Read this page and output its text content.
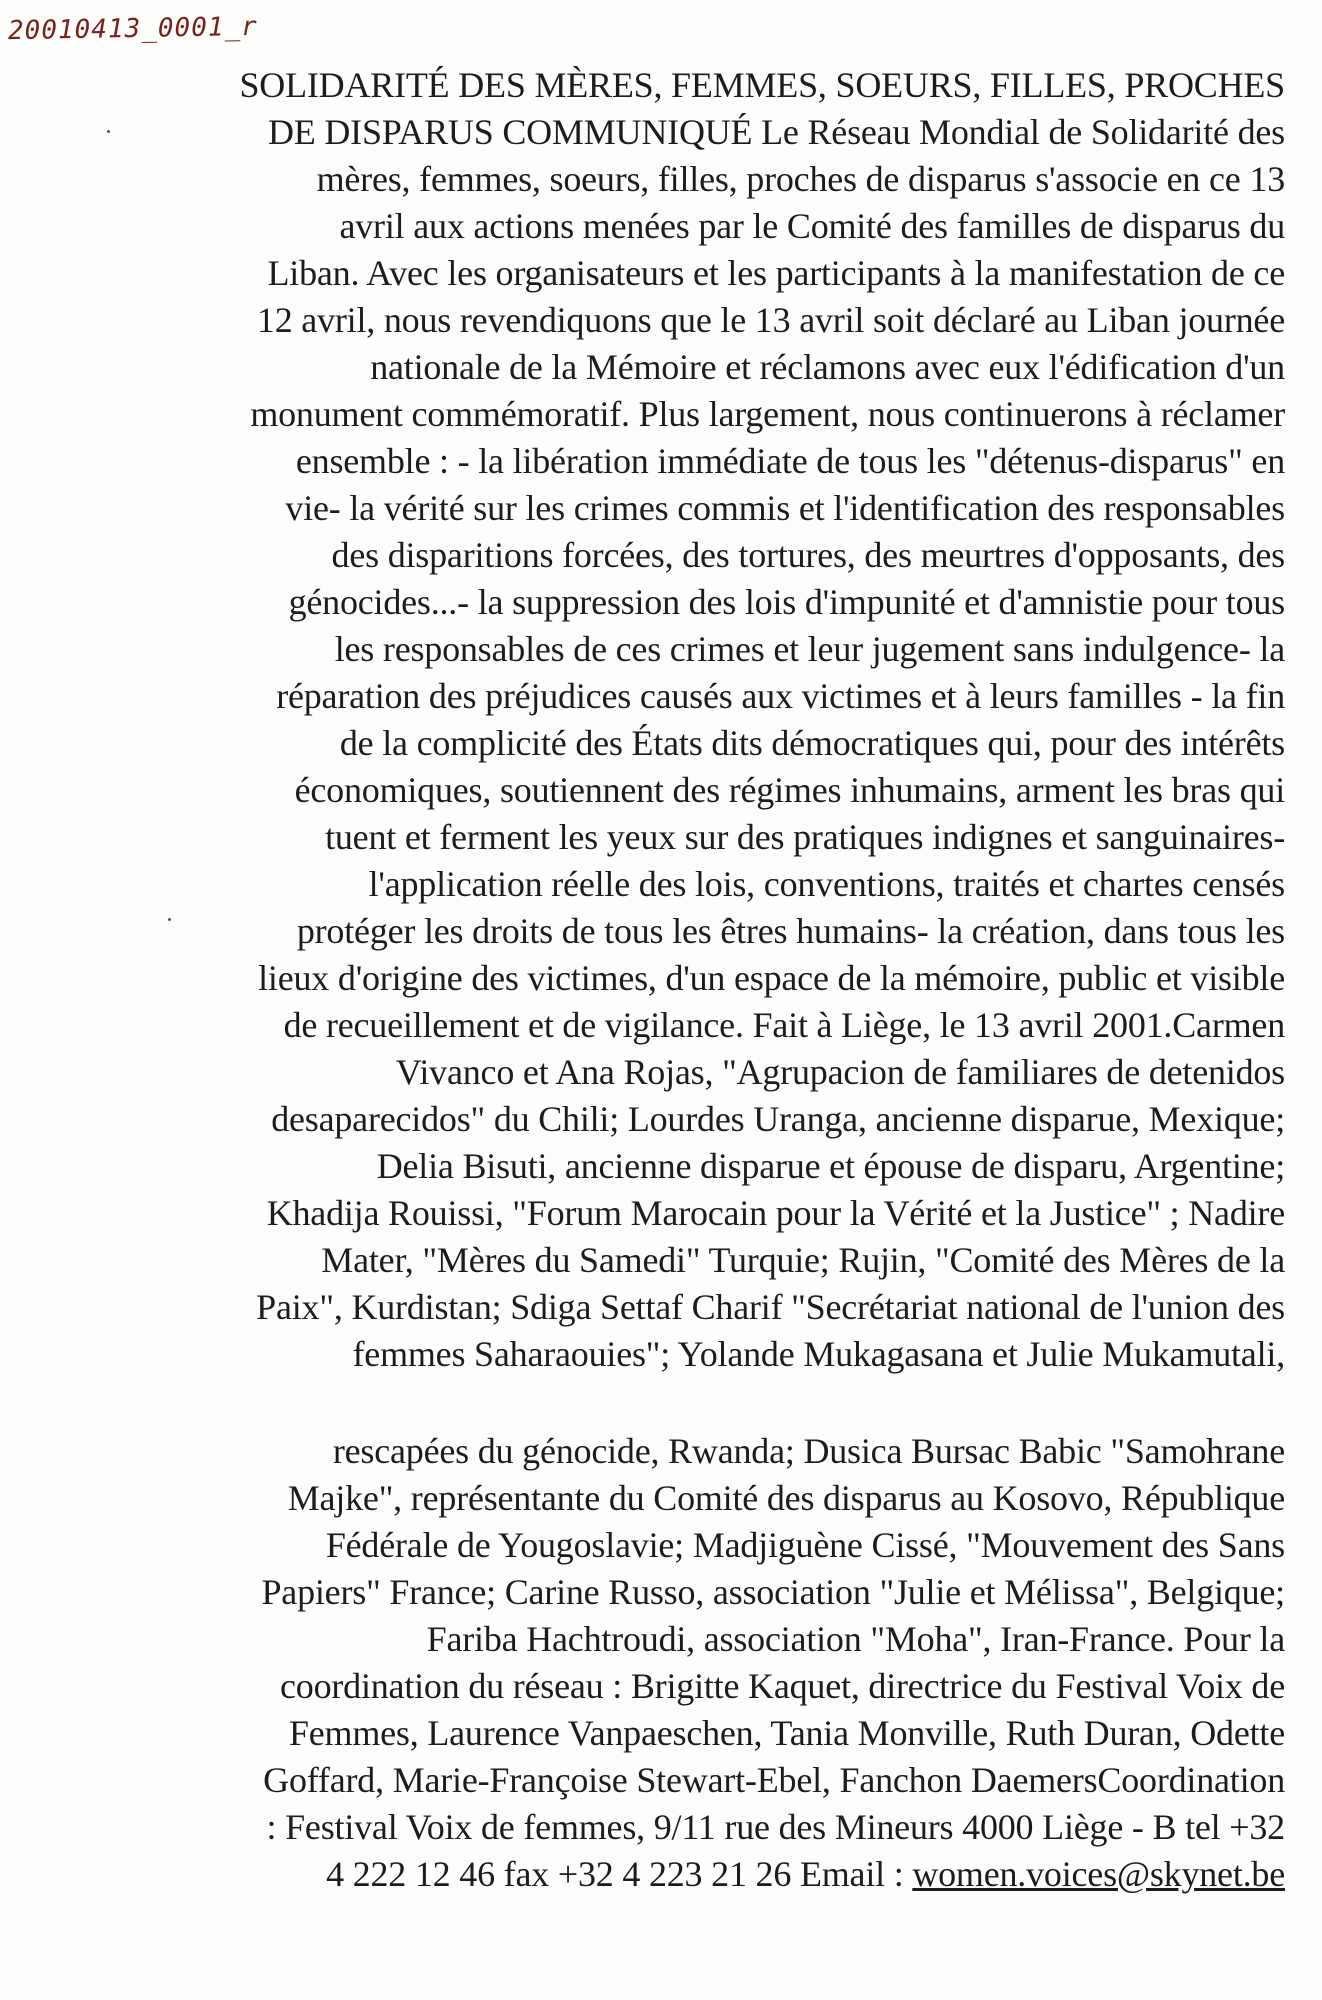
20010413_0001_r
SOLIDARITÉ DES MÈRES, FEMMES, SOEURS, FILLES, PROCHES
DE DISPARUS COMMUNIQUÉ Le Réseau Mondial de Solidarité des
mères, femmes, soeurs, filles, proches de disparus s'associe en ce 13
avril aux actions menées par le Comité des familles de disparus du
Liban. Avec les organisateurs et les participants à la manifestation de ce
12 avril, nous revendiquons que le 13 avril soit déclaré au Liban journée
nationale de la Mémoire et réclamons avec eux l'édification d'un
monument commémoratif. Plus largement, nous continuerons à réclamer
ensemble : - la libération immédiate de tous les "détenus-disparus" en
vie- la vérité sur les crimes commis et l'identification des responsables
des disparitions forcées, des tortures, des meurtres d'opposants, des
génocides...- la suppression des lois d'impunité et d'amnistie pour tous
les responsables de ces crimes et leur jugement sans indulgence- la
réparation des préjudices causés aux victimes et à leurs familles - la fin
de la complicité des États dits démocratiques qui, pour des intérêts
économiques, soutiennent des régimes inhumains, arment les bras qui
tuent et ferment les yeux sur des pratiques indignes et sanguinaires-
l'application réelle des lois, conventions, traités et chartes censés
protéger les droits de tous les êtres humains- la création, dans tous les
lieux d'origine des victimes, d'un espace de la mémoire, public et visible
de recueillement et de vigilance. Fait à Liège, le 13 avril 2001.Carmen
Vivanco et Ana Rojas, "Agrupacion de familiares de detenidos
desaparecidos" du Chili; Lourdes Uranga, ancienne disparue, Mexique;
Delia Bisuti, ancienne disparue et épouse de disparu, Argentine;
Khadija Rouissi, "Forum Marocain pour la Vérité et la Justice" ; Nadire
Mater, "Mères du Samedi" Turquie; Rujin, "Comité des Mères de la
Paix", Kurdistan; Sdiga Settaf Charif "Secrétariat national de l'union des
femmes Saharaouies"; Yolande Mukagasana et Julie Mukamutali,
rescapées du génocide, Rwanda; Dusica Bursac Babic "Samohrane
Majke", représentante du Comité des disparus au Kosovo, République
Fédérale de Yougoslavie; Madjiguène Cissé, "Mouvement des Sans
Papiers" France; Carine Russo, association "Julie et Mélissa", Belgique;
Fariba Hachtroudi, association "Moha", Iran-France. Pour la
coordination du réseau : Brigitte Kaquet, directrice du Festival Voix de
Femmes, Laurence Vanpaeschen, Tania Monville, Ruth Duran, Odette
Goffard, Marie-Françoise Stewart-Ebel, Fanchon DaemersCoordination
: Festival Voix de femmes, 9/11 rue des Mineurs 4000 Liège - B tel +32
4 222 12 46 fax +32 4 223 21 26 Email : women.voices@skynet.be
